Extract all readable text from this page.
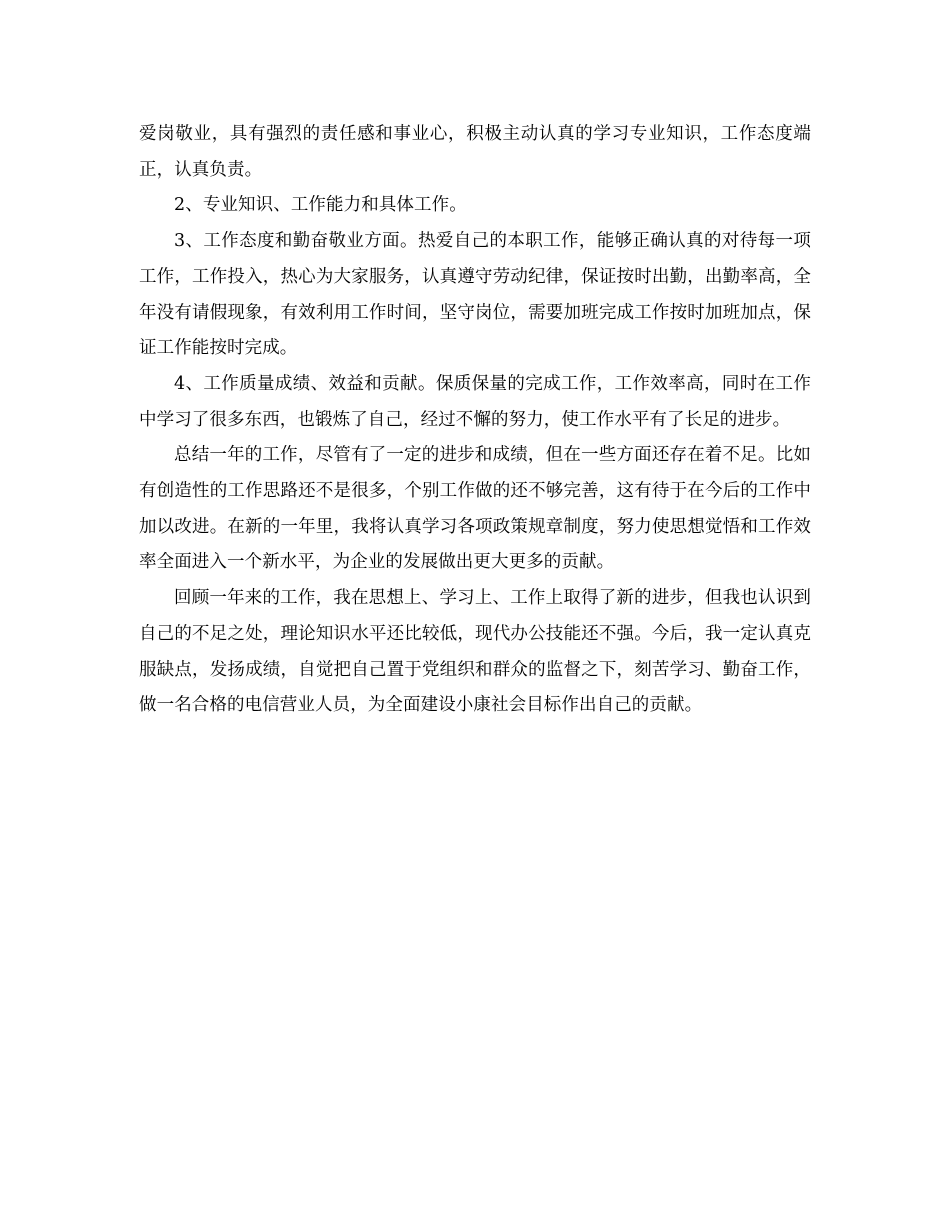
爱岗敬业，具有强烈的责任感和事业心，积极主动认真的学习专业知识，工作态度端正，认真负责。

2、专业知识、工作能力和具体工作。

3、工作态度和勤奋敬业方面。热爱自己的本职工作，能够正确认真的对待每一项工作，工作投入，热心为大家服务，认真遵守劳动纪律，保证按时出勤，出勤率高，全年没有请假现象，有效利用工作时间，坚守岗位，需要加班完成工作按时加班加点，保证工作能按时完成。

4、工作质量成绩、效益和贡献。保质保量的完成工作，工作效率高，同时在工作中学习了很多东西，也锻炼了自己，经过不懈的努力，使工作水平有了长足的进步。

总结一年的工作，尽管有了一定的进步和成绩，但在一些方面还存在着不足。比如有创造性的工作思路还不是很多，个别工作做的还不够完善，这有待于在今后的工作中加以改进。在新的一年里，我将认真学习各项政策规章制度，努力使思想觉悟和工作效率全面进入一个新水平，为企业的发展做出更大更多的贡献。

回顾一年来的工作，我在思想上、学习上、工作上取得了新的进步，但我也认识到自己的不足之处，理论知识水平还比较低，现代办公技能还不强。今后，我一定认真克服缺点，发扬成绩，自觉把自己置于党组织和群众的监督之下，刻苦学习、勤奋工作，做一名合格的电信营业人员，为全面建设小康社会目标作出自己的贡献。
